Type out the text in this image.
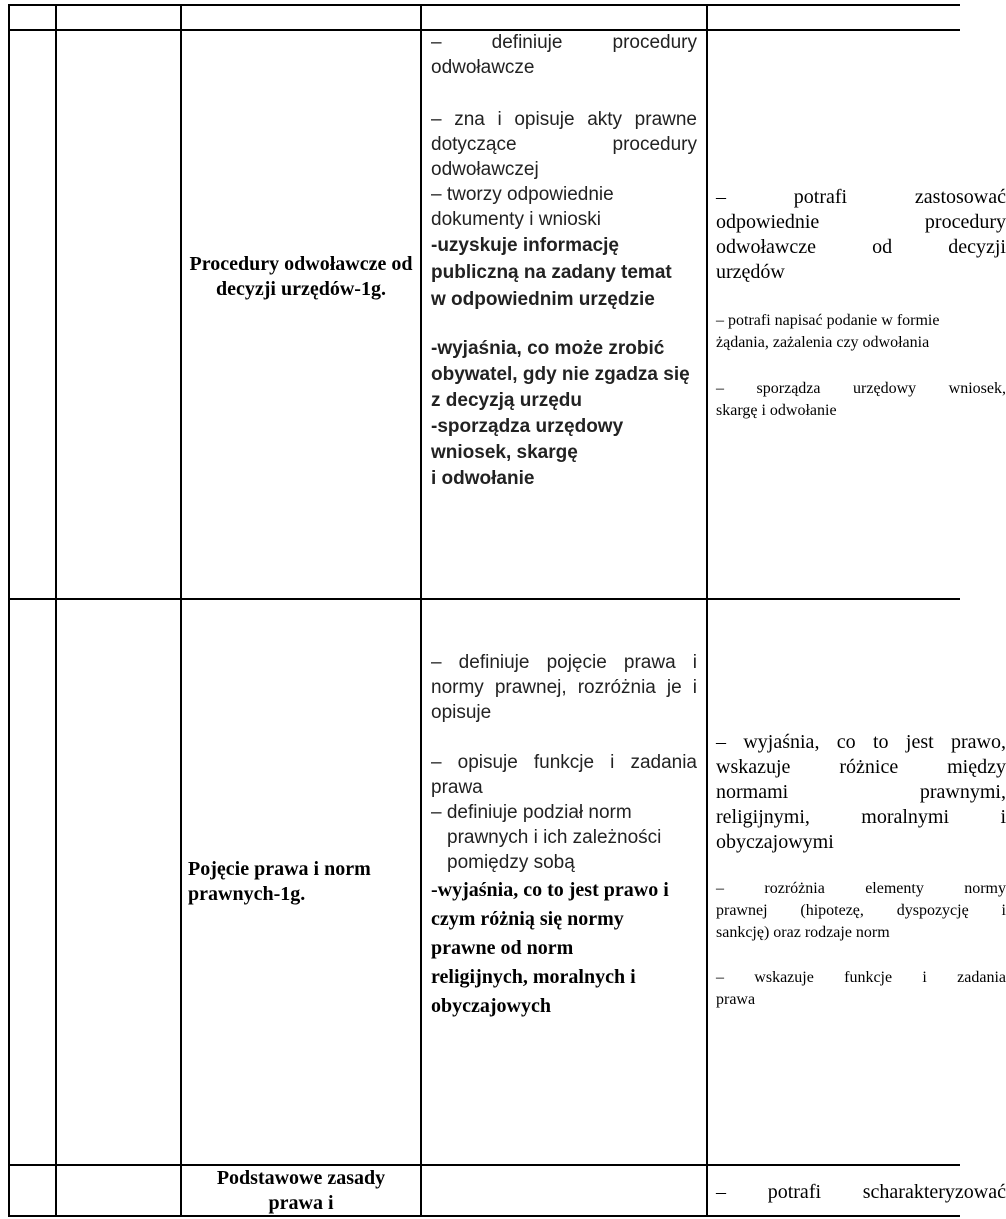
Procedury odwoławcze od decyzji urzędów-1g.
– definiuje procedury
odwoławcze
– zna i opisuje akty prawne
dotyczące procedury
odwoławczej
– tworzy odpowiednie
dokumenty i wnioski
-uzyskuje informację
publiczną na zadany temat
w odpowiednim urzędzie
-wyjaśnia, co może zrobić
obywatel, gdy nie zgadza się
z decyzją urzędu
-sporządza urzędowy
wniosek, skargę
i odwołanie
– potrafi zastosować
odpowiednie procedury
odwoławcze od decyzji
urzędów
– potrafi napisać podanie w formie
żądania, zażalenia czy odwołania
– sporządza urzędowy wniosek,
skargę i odwołanie
Pojęcie prawa i norm prawnych-1g.
– definiuje pojęcie prawa i
normy prawnej, rozróżnia je i
opisuje
– opisuje funkcje i zadania
prawa
– definiuje podział norm
prawnych i ich zależności
pomiędzy sobą
-wyjaśnia, co to jest prawo i
czym różnią się normy
prawne od norm
religijnych, moralnych i
obyczajowych
– wyjaśnia, co to jest prawo,
wskazuje różnice między
normami prawnymi,
religijnymi, moralnymi i
obyczajowymi
– rozróżnia elementy normy
prawnej (hipotezę, dyspozycję i
sankcję) oraz rodzaje norm
– wskazuje funkcje i zadania
prawa
Podstawowe zasady prawa i	– potrafi scharakteryzować
